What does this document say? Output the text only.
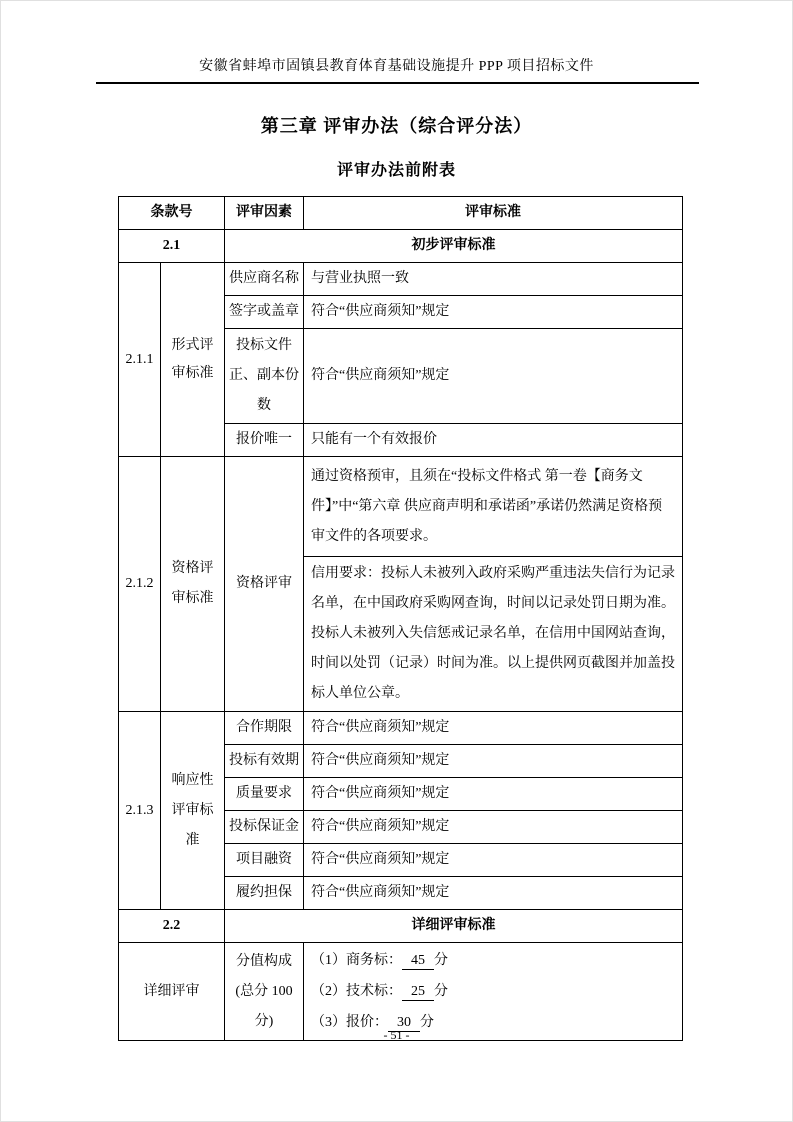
安徽省蚌埠市固镇县教育体育基础设施提升 PPP 项目招标文件
第三章 评审办法（综合评分法）
评审办法前附表
条款号		评审因素	评审标准
2.1		初步评审标准	
2.1.1	形式评审标准	供应商名称	与营业执照一致
		签字或盖章	符合“供应商须知”规定
		投标文件正、副本份数	符合“供应商须知”规定
		报价唯一	只能有一个有效报价
2.1.2	资格评审标准	资格评审	通过资格预审，且须在“投标文件格式 第一卷【商务文件】”中“第六章 供应商声明和承诺函”承诺仍然满足资格预审文件的各项要求。
			信用要求：投标人未被列入政府采购严重违法失信行为记录名单，在中国政府采购网查询，时间以记录处罚日期为准。投标人未被列入失信惩戒记录名单，在信用中国网站查询，时间以处罚（记录）时间为准。以上提供网页截图并加盖投标人单位公章。
2.1.3	响应性评审标准	合作期限	符合“供应商须知”规定
		投标有效期	符合“供应商须知”规定
		质量要求	符合“供应商须知”规定
		投标保证金	符合“供应商须知”规定
		项目融资	符合“供应商须知”规定
		履约担保	符合“供应商须知”规定
2.2		详细评审标准	
详细评审		分值构成 (总分 100 分)	（1）商务标： 45 分
（2）技术标： 25 分
（3）报价： 30 分
- 51 -
